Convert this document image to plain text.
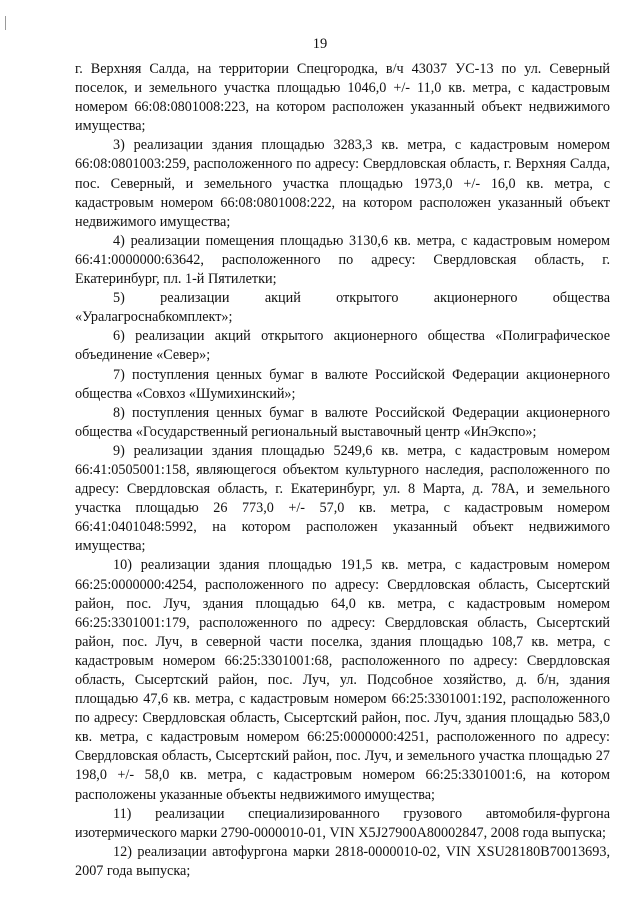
19

г. Верхняя Салда, на территории Спецгородка, в/ч 43037 УС-13 по ул. Северный поселок, и земельного участка площадью 1046,0 +/- 11,0 кв. метра, с кадастровым номером 66:08:0801008:223, на котором расположен указанный объект недвижимого имущества;

3) реализации здания площадью 3283,3 кв. метра, с кадастровым номером 66:08:0801003:259, расположенного по адресу: Свердловская область, г. Верхняя Салда, пос. Северный, и земельного участка площадью 1973,0 +/- 16,0 кв. метра, с кадастровым номером 66:08:0801008:222, на котором расположен указанный объект недвижимого имущества;

4) реализации помещения площадью 3130,6 кв. метра, с кадастровым номером 66:41:0000000:63642, расположенного по адресу: Свердловская область, г. Екатеринбург, пл. 1-й Пятилетки;

5) реализации акций открытого акционерного общества «Уралагроснабкомплект»;

6) реализации акций открытого акционерного общества «Полиграфическое объединение «Север»;

7) поступления ценных бумаг в валюте Российской Федерации акционерного общества «Совхоз «Шумихинский»;

8) поступления ценных бумаг в валюте Российской Федерации акционерного общества «Государственный региональный выставочный центр «ИнЭкспо»;

9) реализации здания площадью 5249,6 кв. метра, с кадастровым номером 66:41:0505001:158, являющегося объектом культурного наследия, расположенного по адресу: Свердловская область, г. Екатеринбург, ул. 8 Марта, д. 78А, и земельного участка площадью 26 773,0 +/- 57,0 кв. метра, с кадастровым номером 66:41:0401048:5992, на котором расположен указанный объект недвижимого имущества;

10) реализации здания площадью 191,5 кв. метра, с кадастровым номером 66:25:0000000:4254, расположенного по адресу: Свердловская область, Сысертский район, пос. Луч, здания площадью 64,0 кв. метра, с кадастровым номером 66:25:3301001:179, расположенного по адресу: Свердловская область, Сысертский район, пос. Луч, в северной части поселка, здания площадью 108,7 кв. метра, с кадастровым номером 66:25:3301001:68, расположенного по адресу: Свердловская область, Сысертский район, пос. Луч, ул. Подсобное хозяйство, д. б/н, здания площадью 47,6 кв. метра, с кадастровым номером 66:25:3301001:192, расположенного по адресу: Свердловская область, Сысертский район, пос. Луч, здания площадью 583,0 кв. метра, с кадастровым номером 66:25:0000000:4251, расположенного по адресу: Свердловская область, Сысертский район, пос. Луч, и земельного участка площадью 27 198,0 +/- 58,0 кв. метра, с кадастровым номером 66:25:3301001:6, на котором расположены указанные объекты недвижимого имущества;

11) реализации специализированного грузового автомобиля-фургона изотермического марки 2790-0000010-01, VIN X5J27900A80002847, 2008 года выпуска;

12) реализации автофургона марки 2818-0000010-02, VIN XSU28180B70013693, 2007 года выпуска;
